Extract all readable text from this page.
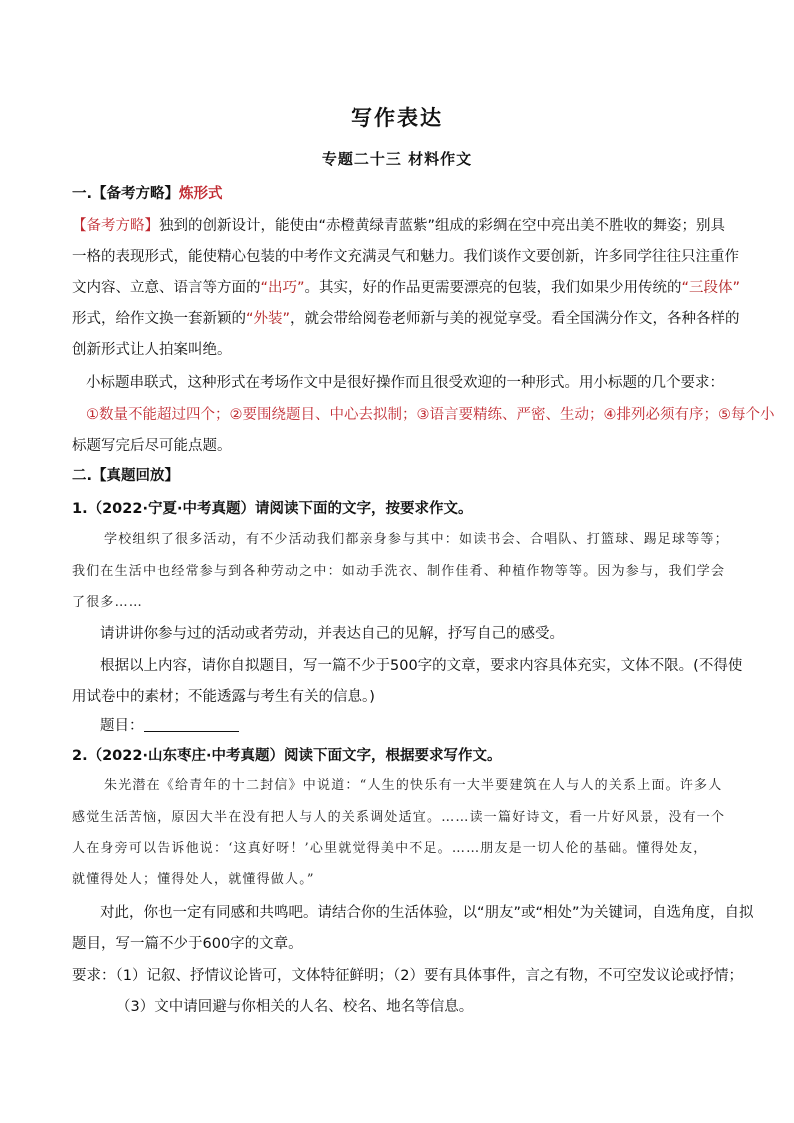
写作表达
专题二十三 材料作文
一.【备考方略】炼形式
【备考方略】独到的创新设计，能使由“赤橙黄绿青蓝紫”组成的彩绸在空中亮出美不胜收的舞姿；别具
一格的表现形式，能使精心包装的中考作文充满灵气和魅力。我们谈作文要创新，许多同学往往只注重作
文内容、立意、语言等方面的“出巧”。其实，好的作品更需要漂亮的包装，我们如果少用传统的“三段体”
形式，给作文换一套新颖的“外装”，就会带给阅卷老师新与美的视觉享受。看全国满分作文，各种各样的
创新形式让人拍案叫绝。
小标题串联式，这种形式在考场作文中是很好操作而且很受欢迎的一种形式。用小标题的几个要求：
①数量不能超过四个；②要围绕题目、中心去拟制；③语言要精练、严密、生动；④排列必须有序；⑤每个小
标题写完后尽可能点题。
二.【真题回放】
1.（2022·宁夏·中考真题）请阅读下面的文字，按要求作文。
学校组织了很多活动，有不少活动我们都亲身参与其中：如读书会、合唱队、打篮球、踢足球等等；
我们在生活中也经常参与到各种劳动之中：如动手洗衣、制作佳肴、种植作物等等。因为参与，我们学会
了很多……
请讲讲你参与过的活动或者劳动，并表达自己的见解，抒写自己的感受。
根据以上内容，请你自拟题目，写一篇不少于500字的文章，要求内容具体充实，文体不限。(不得使
用试卷中的素材；不能透露与考生有关的信息。)
题目：
2.（2022·山东枣庄·中考真题）阅读下面文字，根据要求写作文。
朱光潜在《给青年的十二封信》中说道：“人生的快乐有一大半要建筑在人与人的关系上面。许多人
感觉生活苦恼，原因大半在没有把人与人的关系调处适宜。……读一篇好诗文，看一片好风景，没有一个
人在身旁可以告诉他说：‘这真好呀！’心里就觉得美中不足。……朋友是一切人伦的基础。懂得处友，
就懂得处人；懂得处人，就懂得做人。”
对此，你也一定有同感和共鸣吧。请结合你的生活体验，以“朋友”或“相处”为关键词，自选角度，自拟
题目，写一篇不少于600字的文章。
要求：（1）记叙、抒情议论皆可，文体特征鲜明；（2）要有具体事件，言之有物，不可空发议论或抒情；
（3）文中请回避与你相关的人名、校名、地名等信息。
